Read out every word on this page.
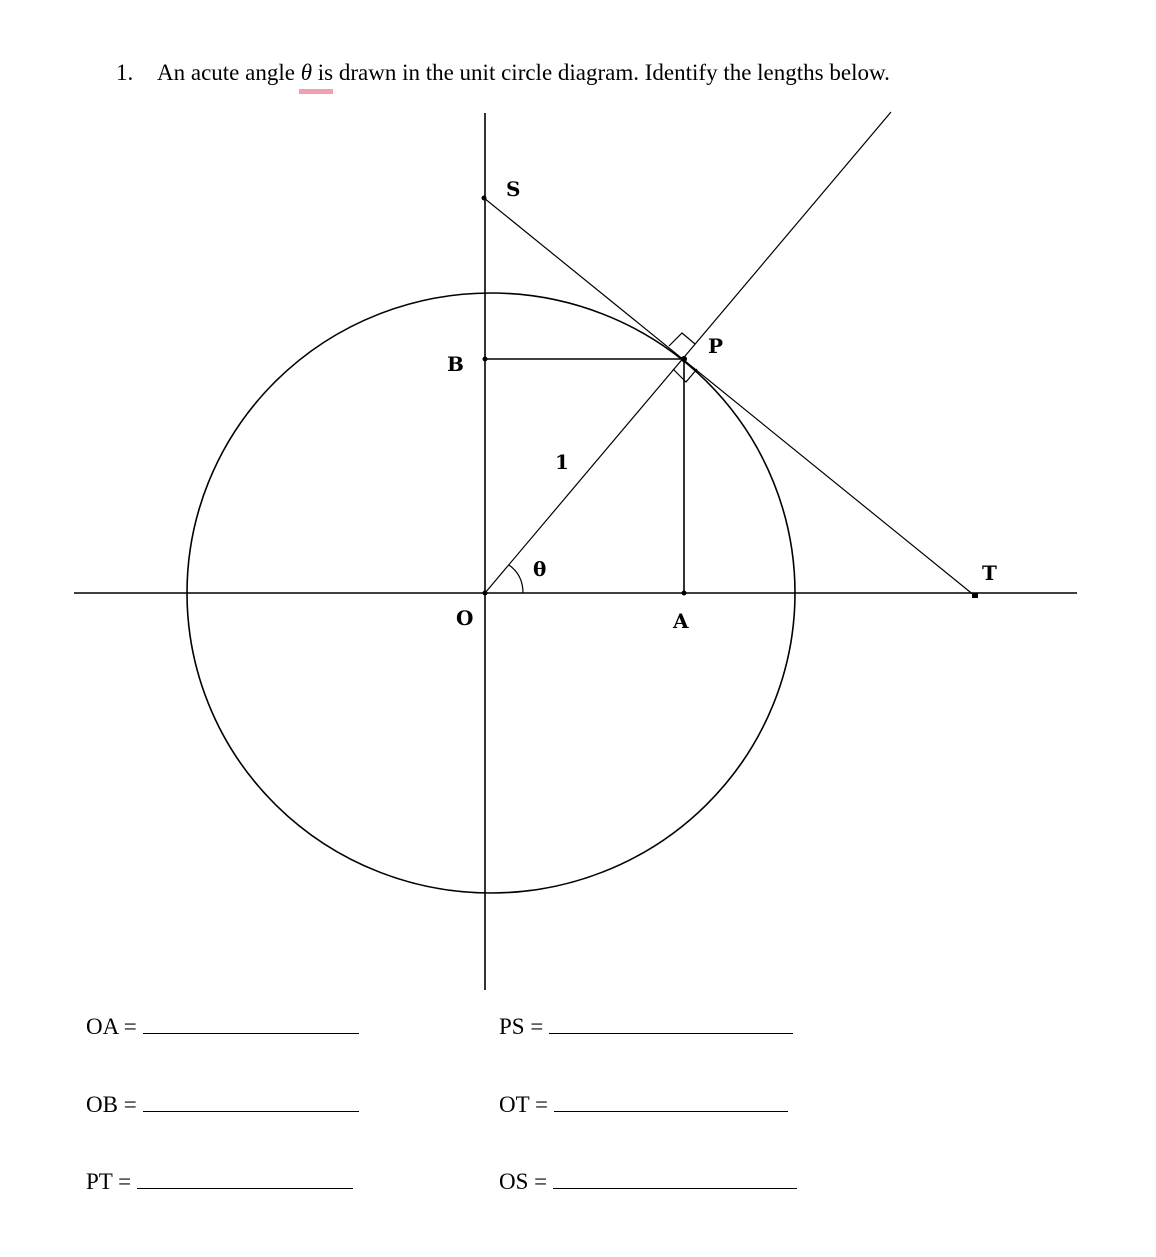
1. An acute angle θ is drawn in the unit circle diagram. Identify the lengths below.
S
B
P
1
θ	T
O	A
OA =	PS =
OB =	OT =
PT =	OS =
